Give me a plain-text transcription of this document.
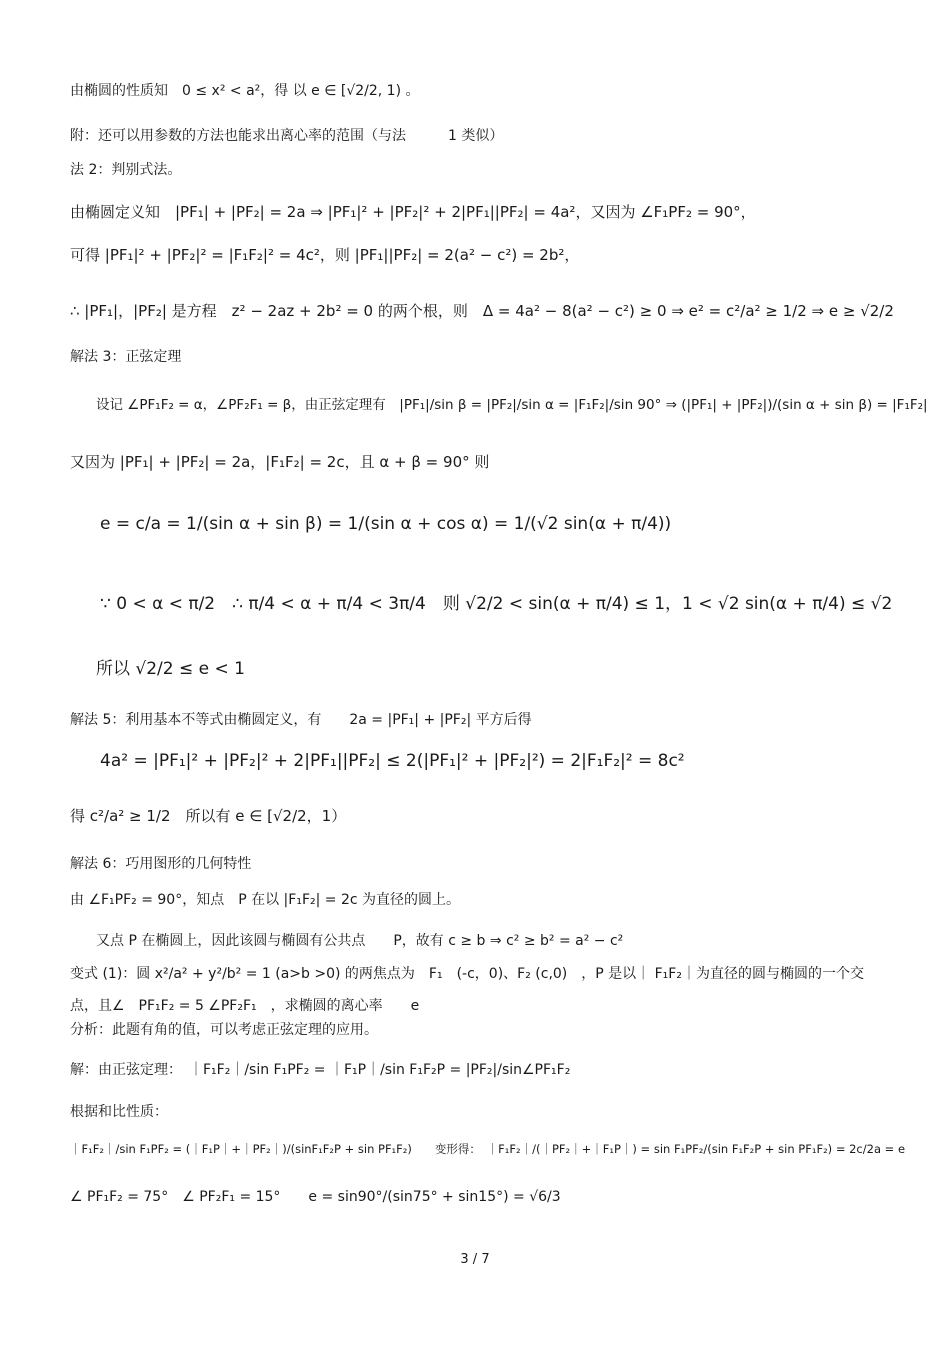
由椭圆的性质知　0 ≤ x² < a²，得 以 e ∈ [√2/2, 1) 。
附：还可以用参数的方法也能求出离心率的范围（与法　　　1 类似）
法 2：判别式法。
由椭圆定义知　|PF₁| + |PF₂| = 2a ⇒ |PF₁|² + |PF₂|² + 2|PF₁||PF₂| = 4a²，又因为 ∠F₁PF₂ = 90°，
可得 |PF₁|² + |PF₂|² = |F₁F₂|² = 4c²，则 |PF₁||PF₂| = 2(a² − c²) = 2b²，
∴ |PF₁|，|PF₂| 是方程　z² − 2az + 2b² = 0 的两个根，则　Δ = 4a² − 8(a² − c²) ≥ 0 ⇒ e² = c²/a² ≥ 1/2 ⇒ e ≥ √2/2
解法 3：正弦定理
设记 ∠PF₁F₂ = α，∠PF₂F₁ = β，由正弦定理有　|PF₁|/sin β = |PF₂|/sin α = |F₁F₂|/sin 90° ⇒ (|PF₁| + |PF₂|)/(sin α + sin β) = |F₁F₂|
又因为 |PF₁| + |PF₂| = 2a，|F₁F₂| = 2c，且 α + β = 90° 则
e = c/a = 1/(sin α + sin β) = 1/(sin α + cos α) = 1/(√2 sin(α + π/4))
∵ 0 < α < π/2　∴ π/4 < α + π/4 < 3π/4　则 √2/2 < sin(α + π/4) ≤ 1，1 < √2 sin(α + π/4) ≤ √2
所以 √2/2 ≤ e < 1
解法 5：利用基本不等式由椭圆定义，有　　2a = |PF₁| + |PF₂| 平方后得
4a² = |PF₁|² + |PF₂|² + 2|PF₁||PF₂| ≤ 2(|PF₁|² + |PF₂|²) = 2|F₁F₂|² = 8c²
得 c²/a² ≥ 1/2　所以有 e ∈ [√2/2，1）
解法 6：巧用图形的几何特性
由 ∠F₁PF₂ = 90°，知点　P 在以 |F₁F₂| = 2c 为直径的圆上。
又点 P 在椭圆上，因此该圆与椭圆有公共点　　P，故有 c ≥ b ⇒ c² ≥ b² = a² − c²
变式 (1)：圆 x²/a² + y²/b² = 1 (a>b >0) 的两焦点为　F₁　(-c，0)、F₂ (c,0)　，P 是以｜ F₁F₂｜为直径的圆与椭圆的一个交
点，且∠　PF₁F₂ = 5 ∠PF₂F₁　，求椭圆的离心率　　e
分析：此题有角的值，可以考虑正弦定理的应用。
解：由正弦定理：　｜F₁F₂｜/sin F₁PF₂ = ｜F₁P｜/sin F₁F₂P = |PF₂|/sin∠PF₁F₂
根据和比性质：
｜F₁F₂｜/sin F₁PF₂ = (｜F₁P｜+｜PF₂｜)/(sinF₁F₂P + sin PF₁F₂)　　变形得：　｜F₁F₂｜/(｜PF₂｜+｜F₁P｜) = sin F₁PF₂/(sin F₁F₂P + sin PF₁F₂) = 2c/2a = e
∠ PF₁F₂ = 75°　∠ PF₂F₁ = 15°　　e = sin90°/(sin75° + sin15°) = √6/3
3 / 7
